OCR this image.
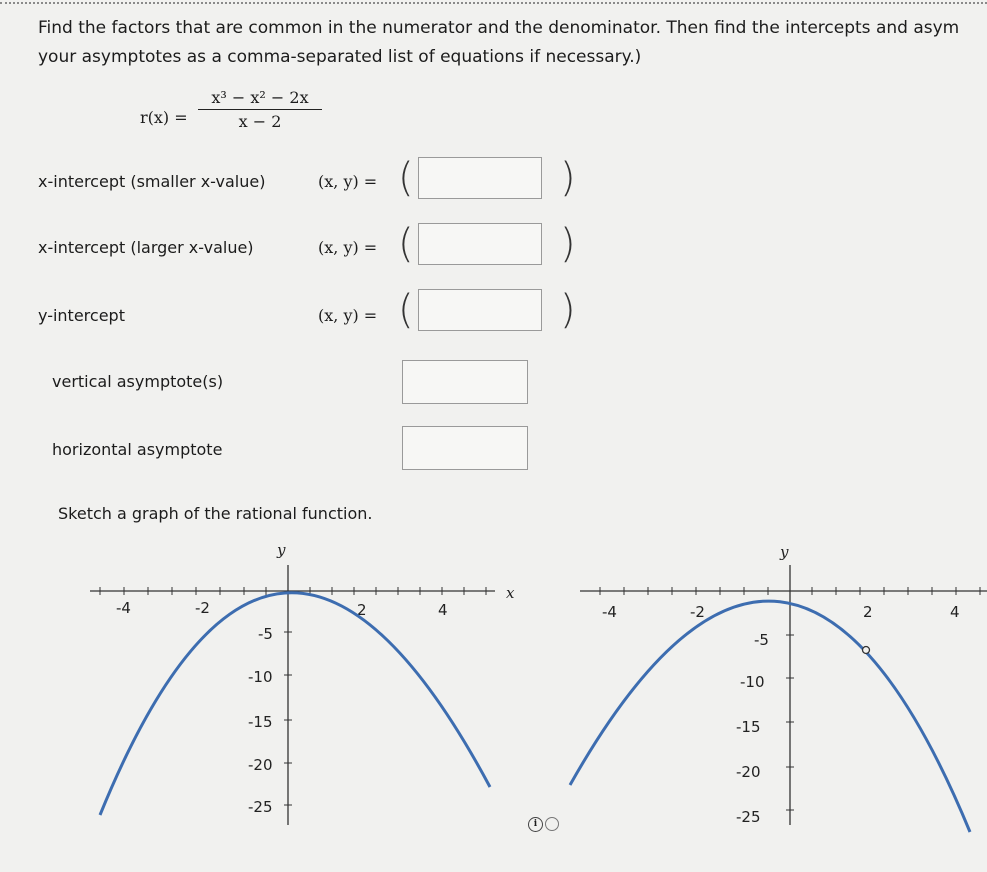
Find the factors that are common in the numerator and the denominator. Then find the intercepts and asym your asymptotes as a comma-separated list of equations if necessary.)
$r(x) = \frac{\text{x³ − x² − 2x}}{x - 2}$
x-intercept (smaller x-value)	(x, y) = (	)
x-intercept (larger x-value)	(x, y) = (	)
y-intercept	(x, y) = (	)
vertical asymptote(s)
horizontal asymptote
Sketch a graph of the rational function.
y
x
-4	-2	2	4
-5
-10
-15
-20
-25
y
-4	-2	2	4
-5
-10
-15
-20
-25
i
